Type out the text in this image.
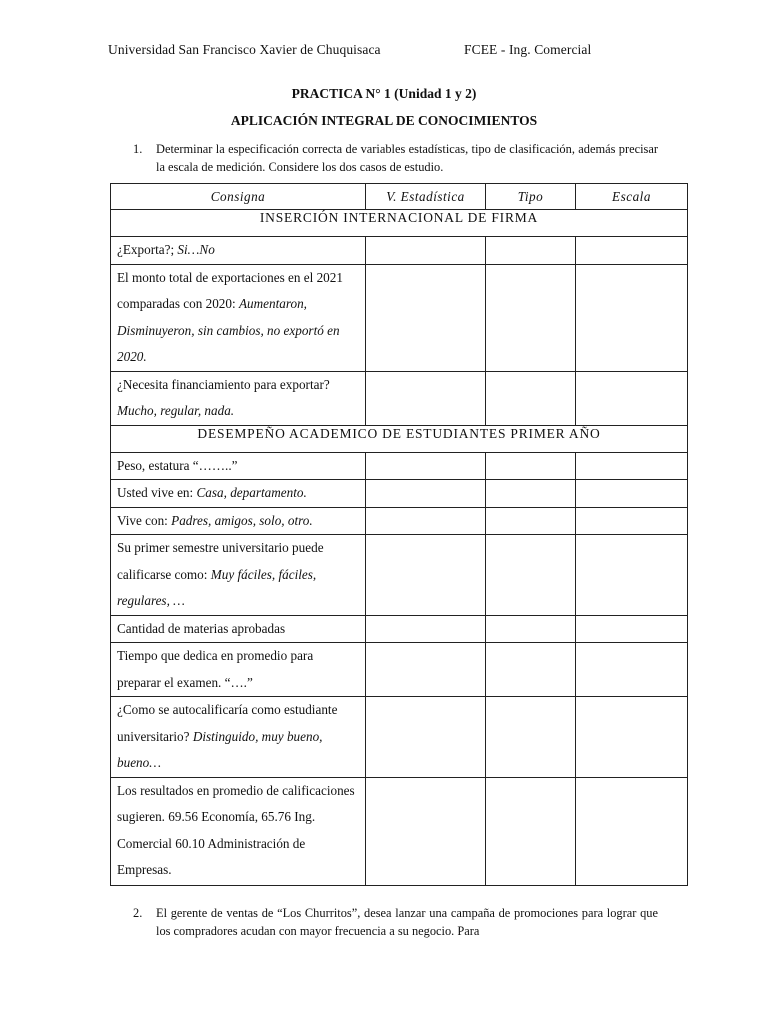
Universidad San Francisco Xavier de Chuquisaca	FCEE - Ing. Comercial
PRACTICA N° 1 (Unidad 1 y 2)
APLICACIÓN INTEGRAL DE CONOCIMIENTOS
1. Determinar la especificación correcta de variables estadísticas, tipo de clasificación, además precisar la escala de medición. Considere los dos casos de estudio.
Consigna	V. Estadística	Tipo	Escala
INSERCIÓN INTERNACIONAL DE FIRMA			
¿Exporta?; Si…No			
El monto total de exportaciones en el 2021 comparadas con 2020: Aumentaron, Disminuyeron, sin cambios, no exportó en 2020.			
¿Necesita financiamiento para exportar? Mucho, regular, nada.			
DESEMPEÑO ACADEMICO DE ESTUDIANTES PRIMER AÑO			
Peso, estatura “……..”			
Usted vive en: Casa, departamento.			
Vive con: Padres, amigos, solo, otro.			
Su primer semestre universitario puede calificarse como: Muy fáciles, fáciles, regulares, …			
Cantidad de materias aprobadas			
Tiempo que dedica en promedio para preparar el examen. “….”			
¿Como se autocalificaría como estudiante universitario? Distinguido, muy bueno, bueno…			
Los resultados en promedio de calificaciones sugieren. 69.56 Economía, 65.76 Ing. Comercial 60.10 Administración de Empresas.			
2. El gerente de ventas de “Los Churritos”, desea lanzar una campaña de promociones para lograr que los compradores acudan con mayor frecuencia a su negocio. Para
